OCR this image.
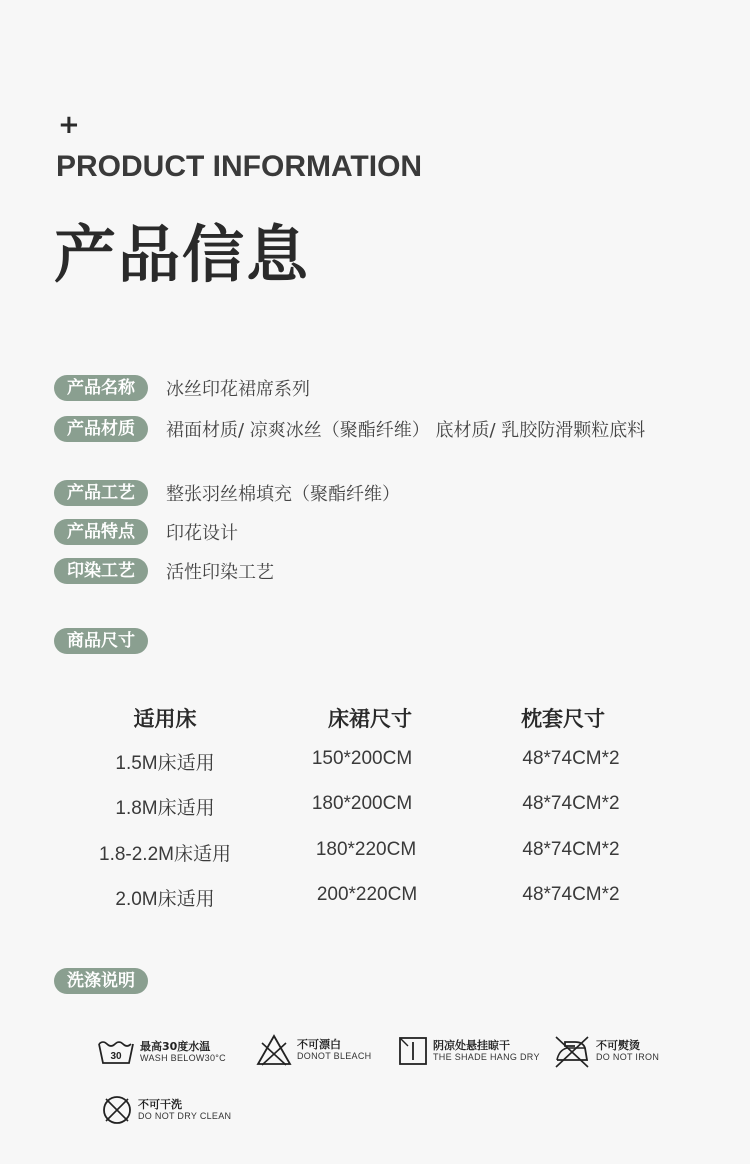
+
PRODUCT INFORMATION
产品信息
产品名称	冰丝印花裙席系列
产品材质	裙面材质/ 凉爽冰丝（聚酯纤维） 底材质/ 乳胶防滑颗粒底料
产品工艺	整张羽丝棉填充（聚酯纤维）
产品特点	印花设计
印染工艺	活性印染工艺
商品尺寸
适用床	床裙尺寸	枕套尺寸
1.5M床适用	150*200CM	48*74CM*2
1.8M床适用	180*200CM	48*74CM*2
1.8-2.2M床适用	180*220CM	48*74CM*2
2.0M床适用	200*220CM	48*74CM*2
洗涤说明
30
最高30度水温
WASH BELOW30°C
不可漂白
DONOT BLEACH
阴凉处悬挂晾干
THE SHADE HANG DRY
不可熨烫
DO NOT IRON
不可干洗
DO NOT DRY CLEAN
